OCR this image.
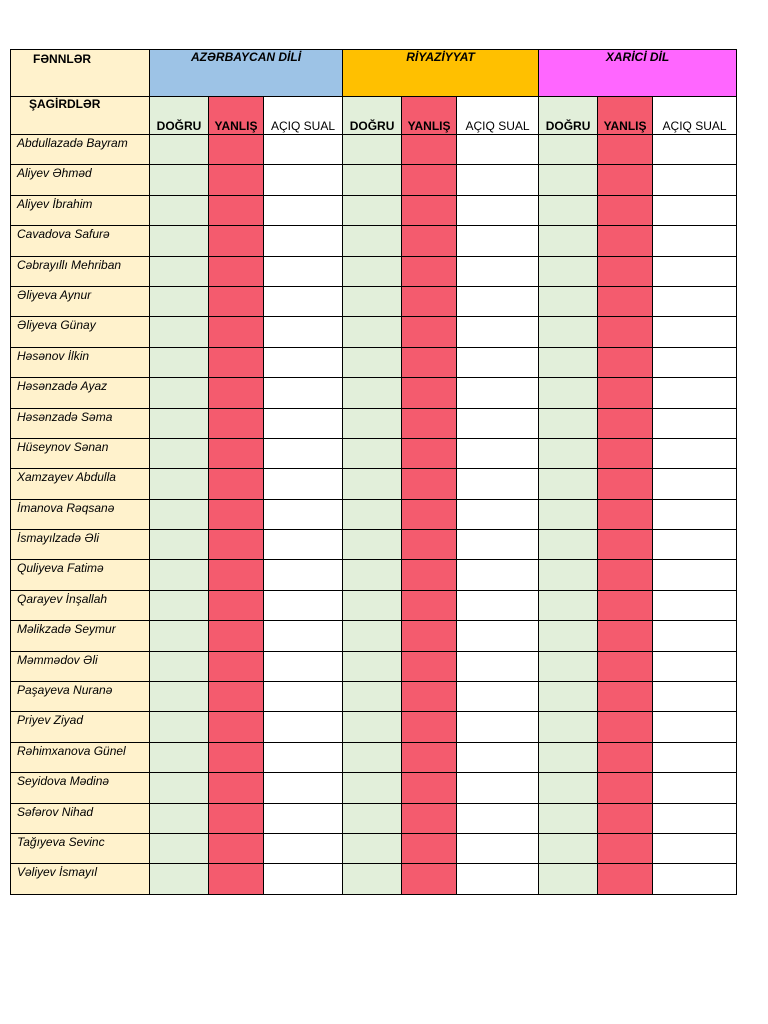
FƏNNLƏR	AZƏRBAYCAN DİLİ			RİYAZİYYAT			XARİCİ DİL		
ŞAGİRDLƏR	DOĞRU	YANLIŞ	AÇIQ SUAL	DOĞRU	YANLIŞ	AÇIQ SUAL	DOĞRU	YANLIŞ	AÇIQ SUAL
Abdullazadə Bayram									
Aliyev Əhməd									
Aliyev İbrahim									
Cavadova Safurə									
Cəbrayıllı Mehriban									
Əliyeva Aynur									
Əliyeva Günay									
Həsənov İlkin									
Həsənzadə Ayaz									
Həsənzadə Səma									
Hüseynov Sənan									
Xamzayev Abdulla									
İmanova Rəqsanə									
İsmayılzadə Əli									
Quliyeva Fatimə									
Qarayev İnşallah									
Məlikzadə Seymur									
Məmmədov Əli									
Paşayeva Nuranə									
Priyev Ziyad									
Rəhimxanova Günel									
Seyidova Mədinə									
Səfərov Nihad									
Tağıyeva Sevinc									
Vəliyev İsmayıl									
